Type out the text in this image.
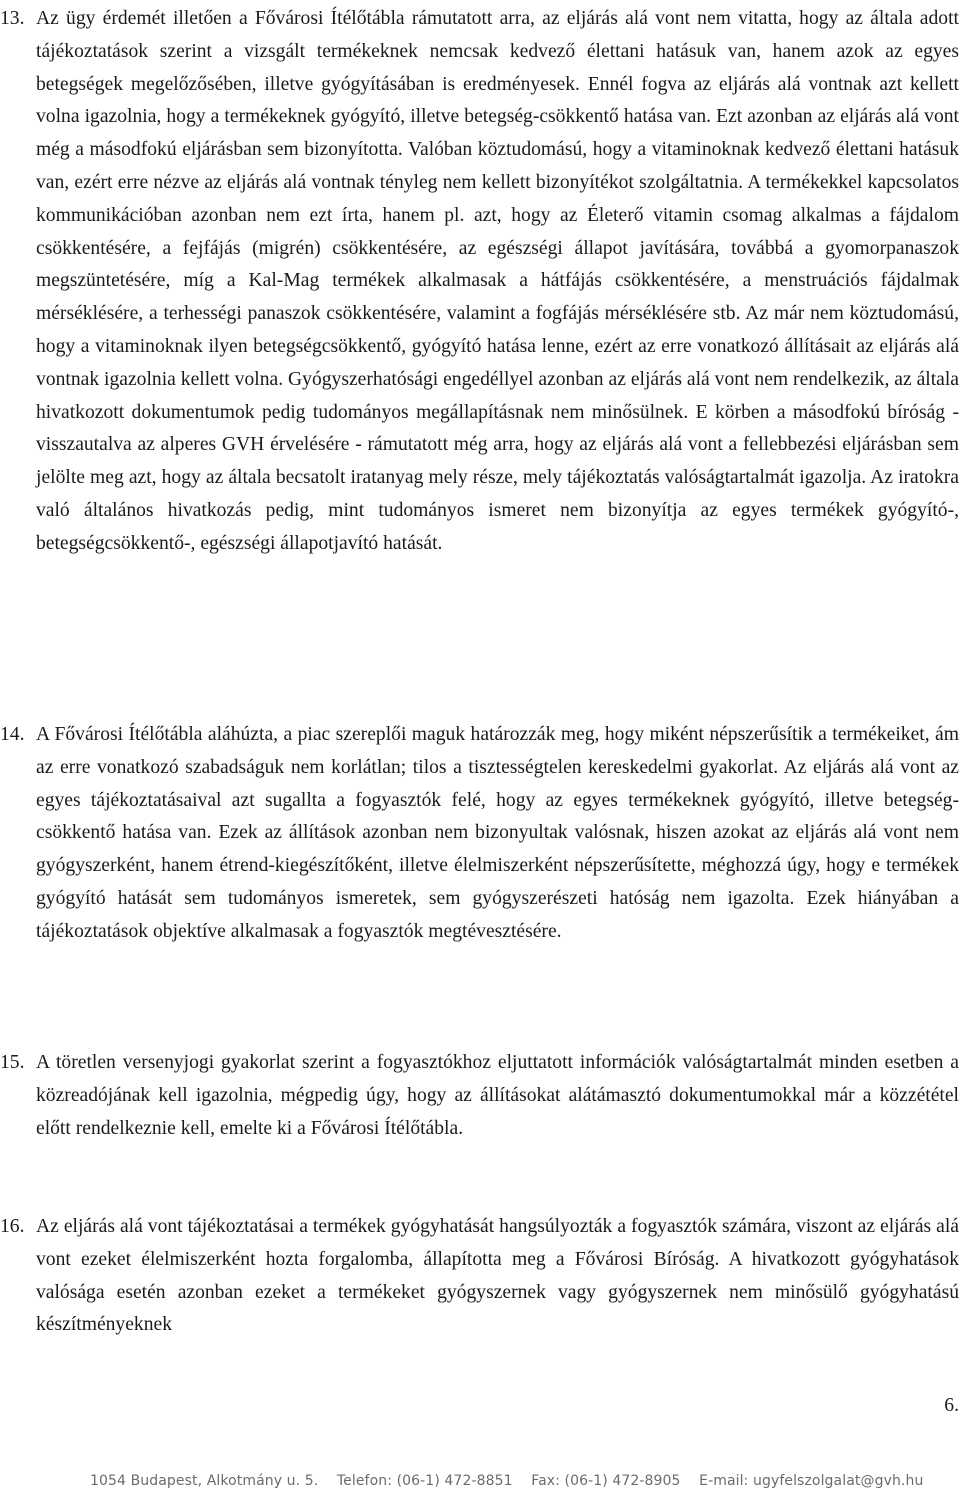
13. Az ügy érdemét illetően a Fővárosi Ítélőtábla rámutatott arra, az eljárás alá vont nem vitatta, hogy az általa adott tájékoztatások szerint a vizsgált termékeknek nemcsak kedvező élettani hatásuk van, hanem azok az egyes betegségek megelőzősében, illetve gyógyításában is eredményesek. Ennél fogva az eljárás alá vontnak azt kellett volna igazolnia, hogy a termékeknek gyógyító, illetve betegség-csökkentő hatása van. Ezt azonban az eljárás alá vont még a másodfokú eljárásban sem bizonyította. Valóban köztudomású, hogy a vitaminoknak kedvező élettani hatásuk van, ezért erre nézve az eljárás alá vontnak tényleg nem kellett bizonyítékot szolgáltatnia. A termékekkel kapcsolatos kommunikációban azonban nem ezt írta, hanem pl. azt, hogy az Életerő vitamin csomag alkalmas a fájdalom csökkentésére, a fejfájás (migrén) csökkentésére, az egészségi állapot javítására, továbbá a gyomorpanaszok megszüntetésére, míg a Kal-Mag termékek alkalmasak a hátfájás csökkentésére, a menstruációs fájdalmak mérséklésére, a terhességi panaszok csökkentésére, valamint a fogfájás mérséklésére stb. Az már nem köztudomású, hogy a vitaminoknak ilyen betegségcsökkentő, gyógyító hatása lenne, ezért az erre vonatkozó állításait az eljárás alá vontnak igazolnia kellett volna. Gyógyszerhatósági engedéllyel azonban az eljárás alá vont nem rendelkezik, az általa hivatkozott dokumentumok pedig tudományos megállapításnak nem minősülnek. E körben a másodfokú bíróság - visszautalva az alperes GVH érvelésére - rámutatott még arra, hogy az eljárás alá vont a fellebbezési eljárásban sem jelölte meg azt, hogy az általa becsatolt iratanyag mely része, mely tájékoztatás valóságtartalmát igazolja. Az iratokra való általános hivatkozás pedig, mint tudományos ismeret nem bizonyítja az egyes termékek gyógyító-, betegségcsökkentő-, egészségi állapotjavító hatását.
14. A Fővárosi Ítélőtábla aláhúzta, a piac szereplői maguk határozzák meg, hogy miként népszerűsítik a termékeiket, ám az erre vonatkozó szabadságuk nem korlátlan; tilos a tisztességtelen kereskedelmi gyakorlat. Az eljárás alá vont az egyes tájékoztatásaival azt sugallta a fogyasztók felé, hogy az egyes termékeknek gyógyító, illetve betegség-csökkentő hatása van. Ezek az állítások azonban nem bizonyultak valósnak, hiszen azokat az eljárás alá vont nem gyógyszerként, hanem étrend-kiegészítőként, illetve élelmiszerként népszerűsítette, méghozzá úgy, hogy e termékek gyógyító hatását sem tudományos ismeretek, sem gyógyszerészeti hatóság nem igazolta. Ezek hiányában a tájékoztatások objektíve alkalmasak a fogyasztók megtévesztésére.
15. A töretlen versenyjogi gyakorlat szerint a fogyasztókhoz eljuttatott információk valóságtartalmát minden esetben a közreadójának kell igazolnia, mégpedig úgy, hogy az állításokat alátámasztó dokumentumokkal már a közzététel előtt rendelkeznie kell, emelte ki a Fővárosi Ítélőtábla.
16. Az eljárás alá vont tájékoztatásai a termékek gyógyhatását hangsúlyozták a fogyasztók számára, viszont az eljárás alá vont ezeket élelmiszerként hozta forgalomba, állapította meg a Fővárosi Bíróság. A hivatkozott gyógyhatások valósága esetén azonban ezeket a termékeket gyógyszernek vagy gyógyszernek nem minősülő gyógyhatású készítményeknek
6.
1054 Budapest, Alkotmány u. 5. Telefon: (06-1) 472-8851 Fax: (06-1) 472-8905 E-mail: ugyfelszolgalat@gvh.hu
